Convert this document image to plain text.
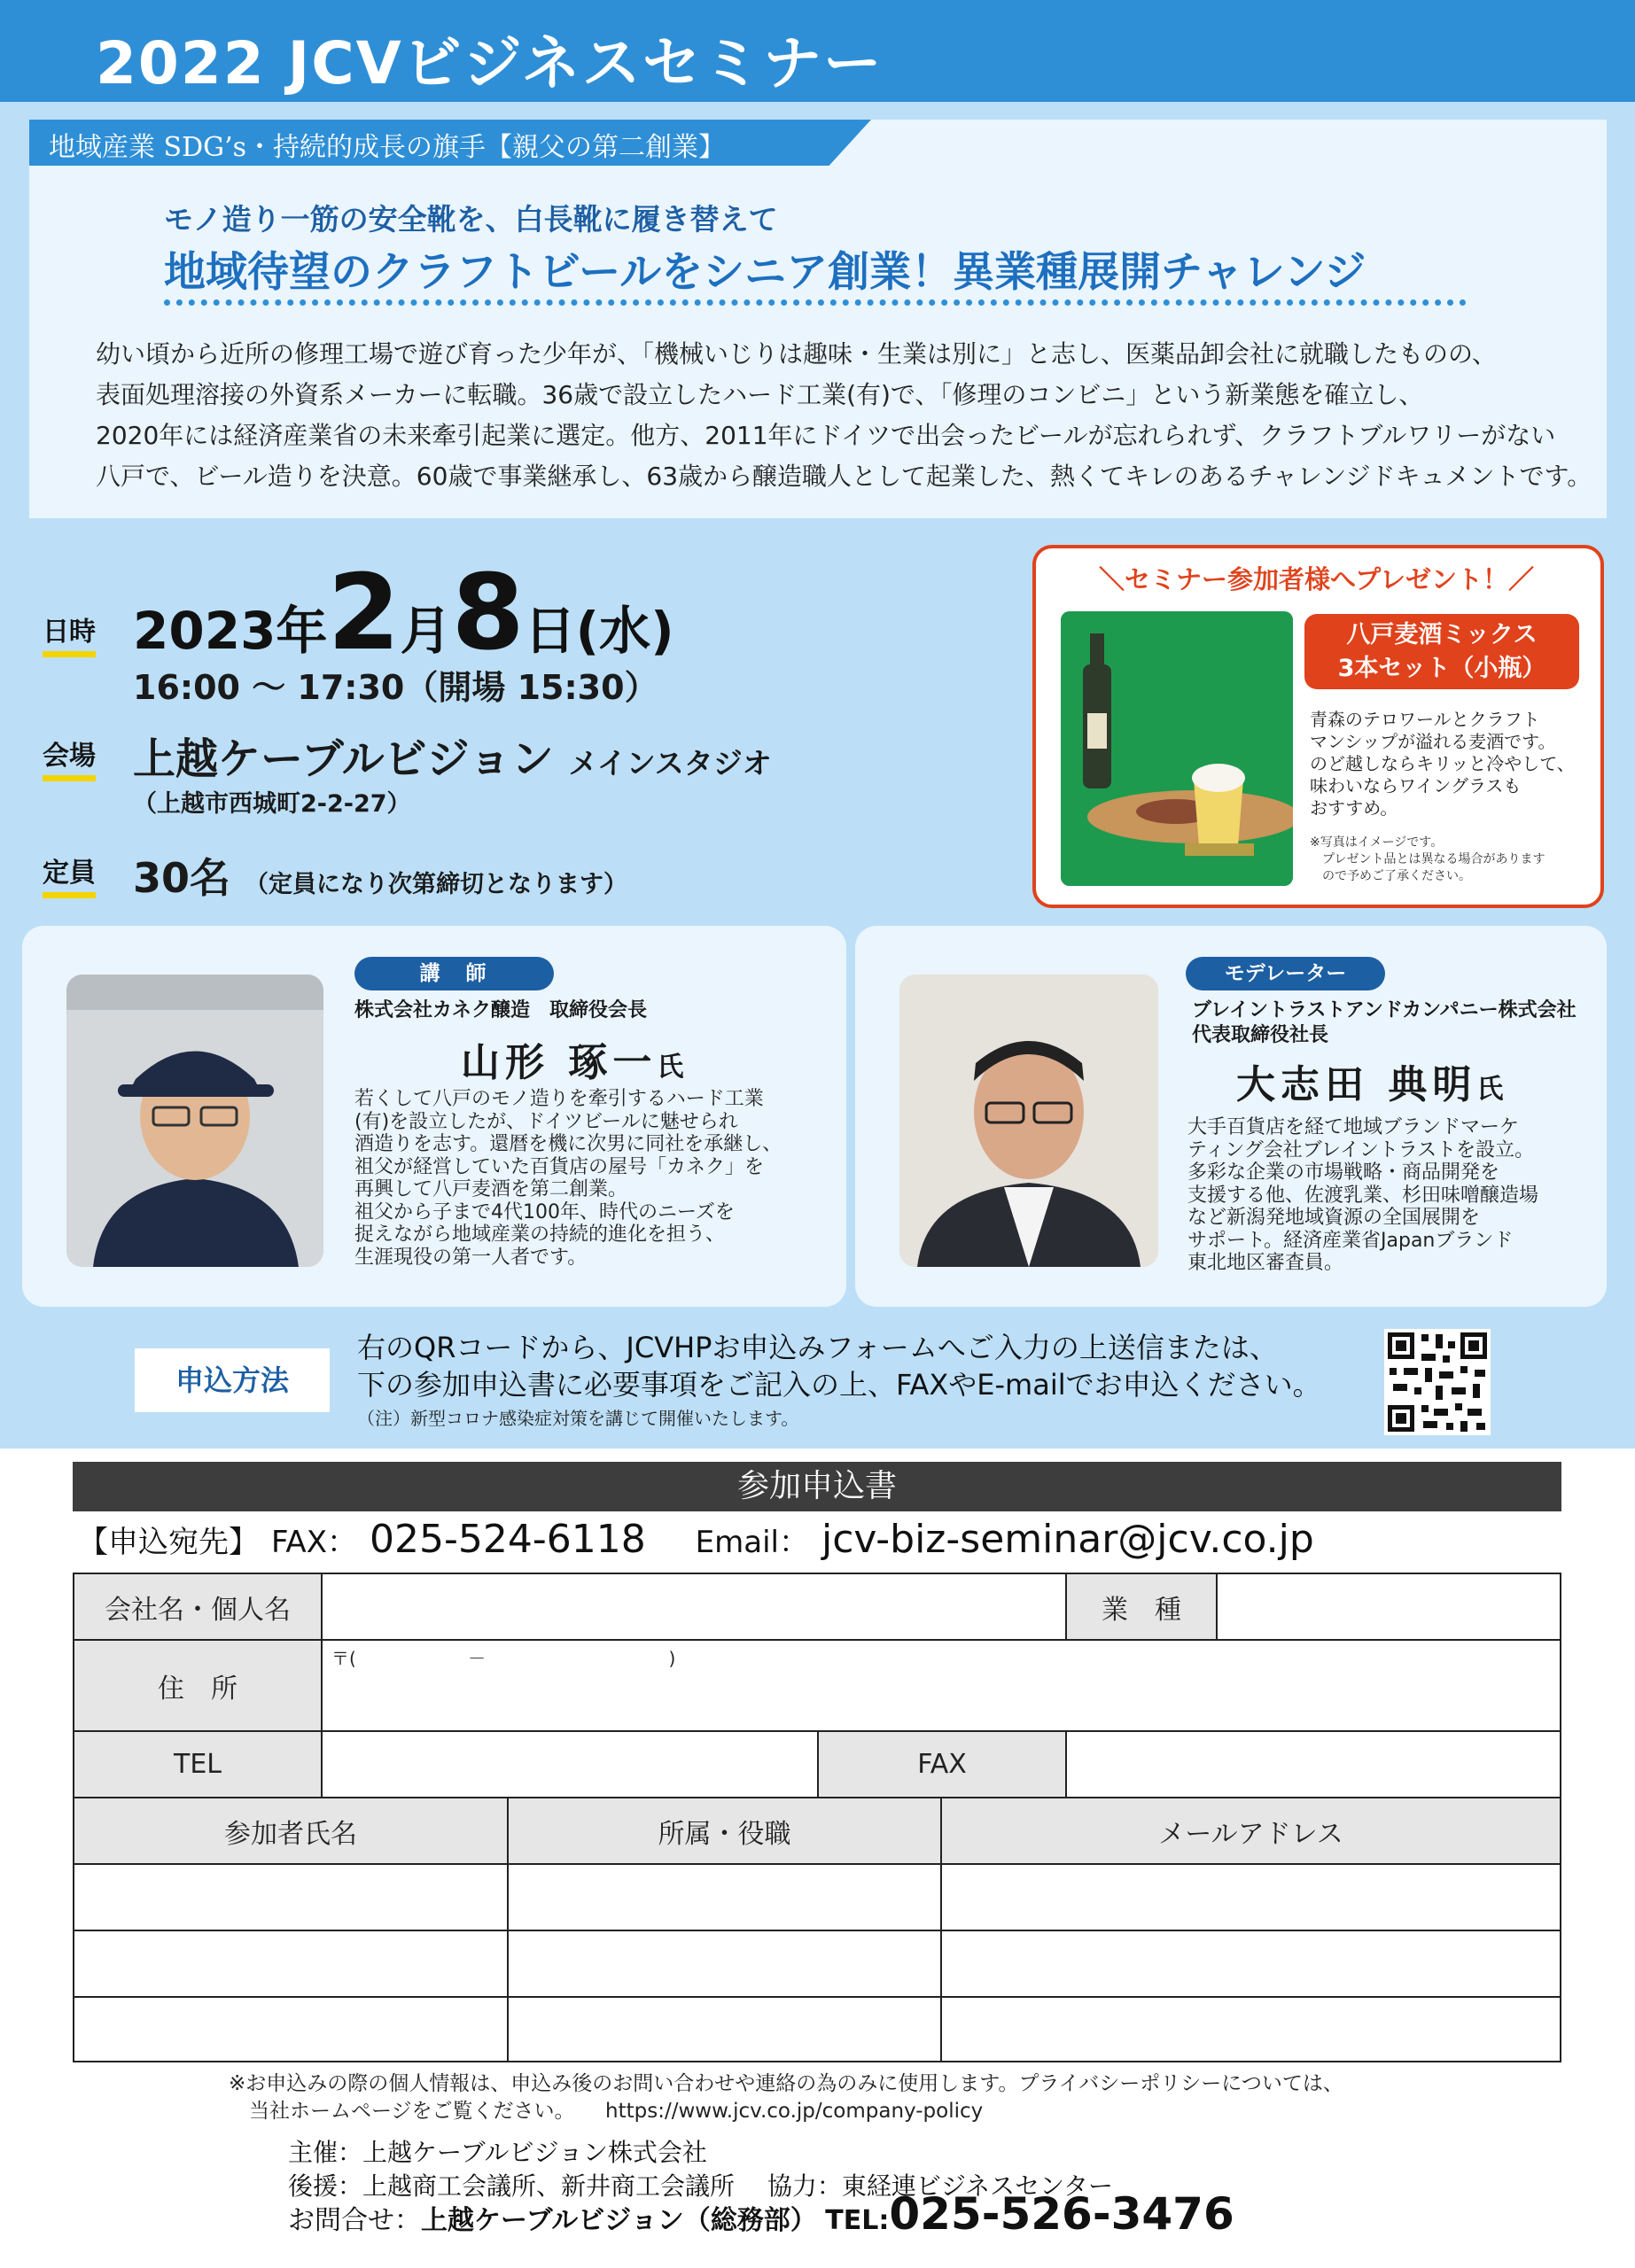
2022 JCVビジネスセミナー
地域産業 SDG’s・持続的成長の旗手【親父の第二創業】
モノ造り一筋の安全靴を、白長靴に履き替えて
地域待望のクラフトビールをシニア創業！異業種展開チャレンジ
幼い頃から近所の修理工場で遊び育った少年が、「機械いじりは趣味・生業は別に」と志し、医薬品卸会社に就職したものの、
表面処理溶接の外資系メーカーに転職。36歳で設立したハード工業(有)で、「修理のコンビニ」という新業態を確立し、
2020年には経済産業省の未来牽引起業に選定。他方、2011年にドイツで出会ったビールが忘れられず、クラフトブルワリーがない
八戸で、ビール造りを決意。60歳で事業継承し、63歳から醸造職人として起業した、熱くてキレのあるチャレンジドキュメントです。
日時 2023年2月8日(水)
16:00 ～ 17:30（開場 15:30）
会場 上越ケーブルビジョン メインスタジオ
（上越市西城町2-2-27）
定員 30名 （定員になり次第締切となります）
＼セミナー参加者様へプレゼント！／
八戸麦酒ミックス
3本セット（小瓶）
青森のテロワールとクラフト
マンシップが溢れる麦酒です。
のど越しならキリッと冷やして、
味わいならワイングラスも
おすすめ。
※写真はイメージです。
　プレゼント品とは異なる場合があります
　ので予めご了承ください。
講　師
株式会社カネク醸造　取締役会長
山形 琢一氏
若くして八戸のモノ造りを牽引するハード工業
(有)を設立したが、ドイツビールに魅せられ
酒造りを志す。還暦を機に次男に同社を承継し、
祖父が経営していた百貨店の屋号「カネク」を
再興して八戸麦酒を第二創業。
祖父から子まで4代100年、時代のニーズを
捉えながら地域産業の持続的進化を担う、
生涯現役の第一人者です。
モデレーター
ブレイントラストアンドカンパニー株式会社
代表取締役社長
大志田 典明氏
大手百貨店を経て地域ブランドマーケ
ティング会社ブレイントラストを設立。
多彩な企業の市場戦略・商品開発を
支援する他、佐渡乳業、杉田味噌醸造場
など新潟発地域資源の全国展開を
サポート。経済産業省Japanブランド
東北地区審査員。
申込方法
右のQRコードから、JCVHPお申込みフォームへご入力の上送信または、
下の参加申込書に必要事項をご記入の上、FAXやE-mailでお申込ください。
（注）新型コロナ感染症対策を講じて開催いたします。
参加申込書
【申込宛先】 FAX： 025-524-6118 Email： jcv-biz-seminar@jcv.co.jp
会社名・個人名	業　種
住　所
〒(　　　　　　 －　　　　　　　　　　 )
TEL	FAX
参加者氏名	所属・役職	メールアドレス
※お申込みの際の個人情報は、申込み後のお問い合わせや連絡の為のみに使用します。プライバシーポリシーについては、
　当社ホームページをご覧ください。　　https://www.jcv.co.jp/company-policy
主催：上越ケーブルビジョン株式会社
後援：上越商工会議所、新井商工会議所　 協力：東経連ビジネスセンター
お問合せ：上越ケーブルビジョン（総務部） TEL:025-526-3476
